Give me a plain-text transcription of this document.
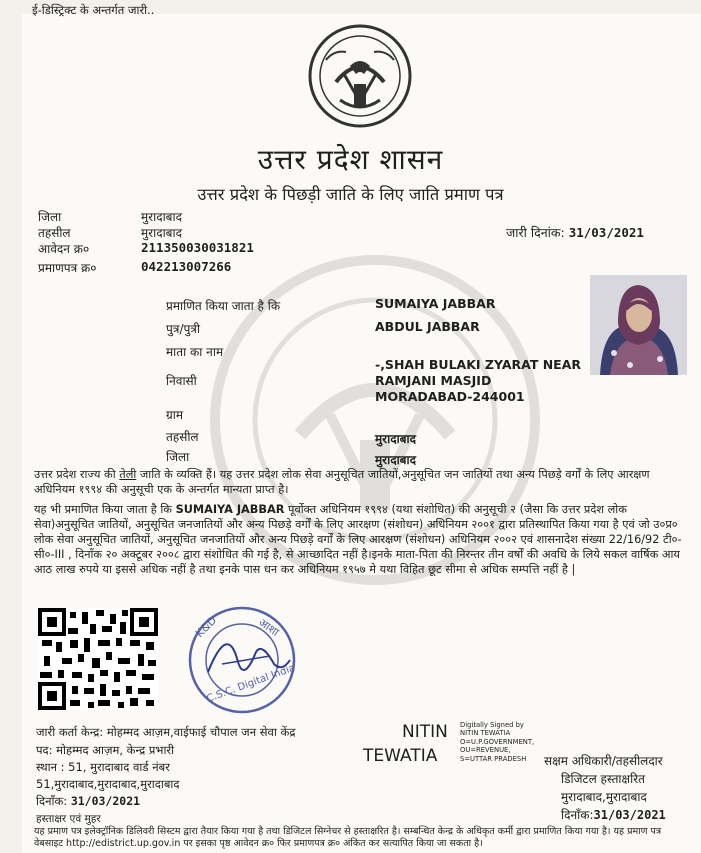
ई-डिस्ट्रिक्ट के अन्तर्गत जारी..
उत्तर प्रदेश शासन
उत्तर प्रदेश के पिछड़ी जाति के लिए जाति प्रमाण पत्र
जिला	मुरादाबाद
तहसील	मुरादाबाद
आवेदन क्र०	211350030031821
प्रमाणपत्र क्र०	042213007266
जारी दिनांक: 31/03/2021
प्रमाणित किया जाता है कि	SUMAIYA JABBAR
पुत्र/पुत्री	ABDUL JABBAR
माता का नाम
निवासी
-,SHAH BULAKI ZYARAT NEAR
RAMJANI MASJID
MORADABAD-244001
ग्राम
तहसील	मुरादाबाद
जिला	मुरादाबाद
उत्तर प्रदेश राज्य की तेली जाति के व्यक्ति हैं। यह उत्तर प्रदेश लोक सेवा अनुसूचित जातियों,अनुसूचित जन जातियों तथा अन्य पिछड़े वर्गों के लिए आरक्षण अधिनियम १९९४ की अनुसूची एक के अन्तर्गत मान्यता प्राप्त है।
यह भी प्रमाणित किया जाता है कि SUMAIYA JABBAR पूर्वोक्त अधिनियम १९९४ (यथा संशोधित) की अनुसूची २ (जैसा कि उत्तर प्रदेश लोक सेवा)अनुसूचित जातियों, अनुसूचित जनजातियों और अन्य पिछड़े वर्गों के लिए आरक्षण (संशोधन) अधिनियम २००१ द्वारा प्रतिस्थापित किया गया है एवं जो उ०प्र० लोक सेवा अनुसूचित जातियों, अनुसूचित जनजातियों और अन्य पिछड़े वर्गों के लिए आरक्षण (संशोधन) अधिनियम २००२ एवं शासनादेश संख्या 22/16/92 टी०-सी०-III , दिनाँक २० अक्टूबर २००८ द्वारा संशोधित की गई है, से आच्छादित नहीं है।इनके माता-पिता की निरन्तर तीन वर्षों की अवधि के लिये सकल वार्षिक आय आठ लाख रुपये या इससे अधिक नहीं है तथा इनके पास धन कर अधिनियम १९५७ मे यथा विहित छूट सीमा से अधिक सम्पत्ति नहीं है |
K&D	आशा
C.S.C. Digital India
जारी कर्ता केन्द्र: मोहम्मद आज़म,वाईफाई चौपाल जन सेवा केंद्र
पद: मोहम्मद आज़म, केन्द्र प्रभारी
स्थान : 51, मुरादाबाद वार्ड नंबर
51,मुरादाबाद,मुरादाबाद,मुरादाबाद
दिनाँक: 31/03/2021
हस्ताक्षर एवं मुहर
NITIN
TEWATIA
Digitally Signed by
NITIN TEWATIA
O=U.P.GOVERNMENT,
OU=REVENUE,
S=UTTAR PRADESH	सक्षम अधिकारी/तहसीलदार
डिजिटल हस्ताक्षरित
मुरादाबाद,मुरादाबाद
दिनाँक:31/03/2021
यह प्रमाण पत्र इलेक्ट्रॉनिक डिलिवरी सिस्टम द्वारा तैयार किया गया है तथा डिजिटल सिग्नेचर से हस्ताक्षरित है। सम्बन्धित केन्द्र के अधिकृत कर्मी द्वारा प्रमाणित किया गया है। यह प्रमाण पत्र वेबसाइट http://edistrict.up.gov.in पर इसका पृष्ठ आवेदन क्र० फिर प्रमाणपत्र क्र० अंकित कर सत्यापित किया जा सकता है।
